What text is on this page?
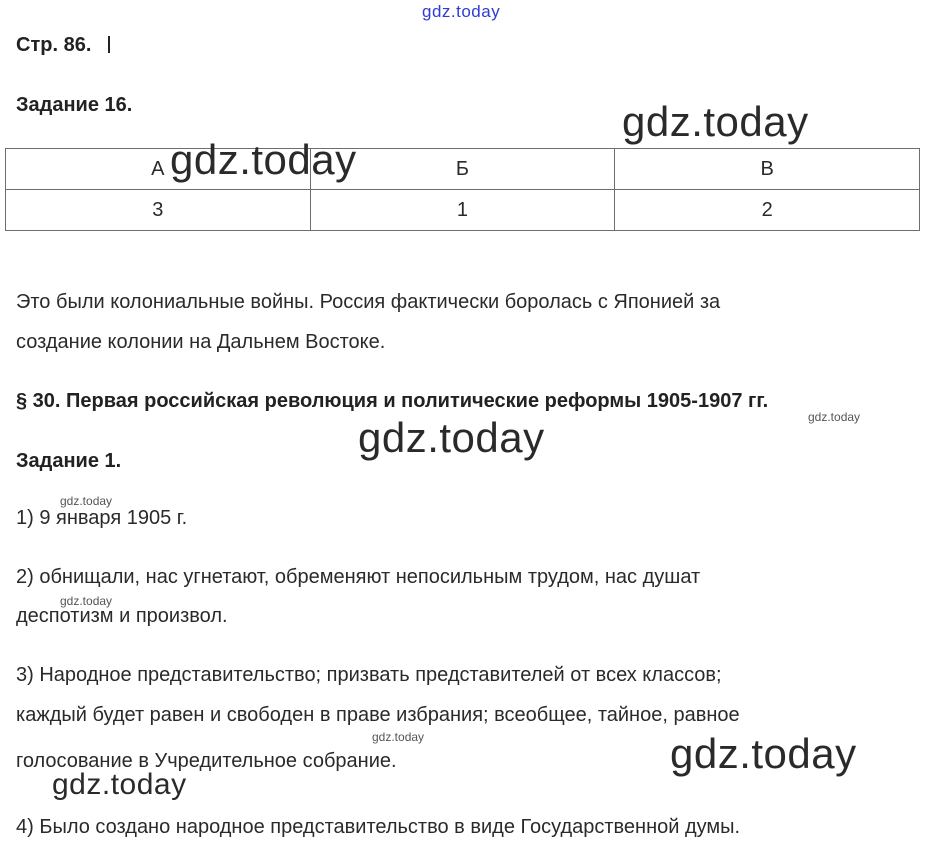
gdz.today
Стр. 86.
Задание 16.
А	Б	В
3	1	2
Это были колониальные войны. Россия фактически боролась с Японией за
создание колонии на Дальнем Востоке.
§ 30. Первая российская революция и политические реформы 1905-1907 гг.
Задание 1.
1) 9 января 1905 г.
2) обнищали, нас угнетают, обременяют непосильным трудом, нас душат
деспотизм и произвол.
3) Народное представительство; призвать представителей от всех классов;
каждый будет равен и свободен в праве избрания; всеобщее, тайное, равное
голосование в Учредительное собрание.
4) Было создано народное представительство в виде Государственной думы.
gdz.today
gdz.today
gdz.today
gdz.today
gdz.today
gdz.today
gdz.today	gdz.today
gdz.today
